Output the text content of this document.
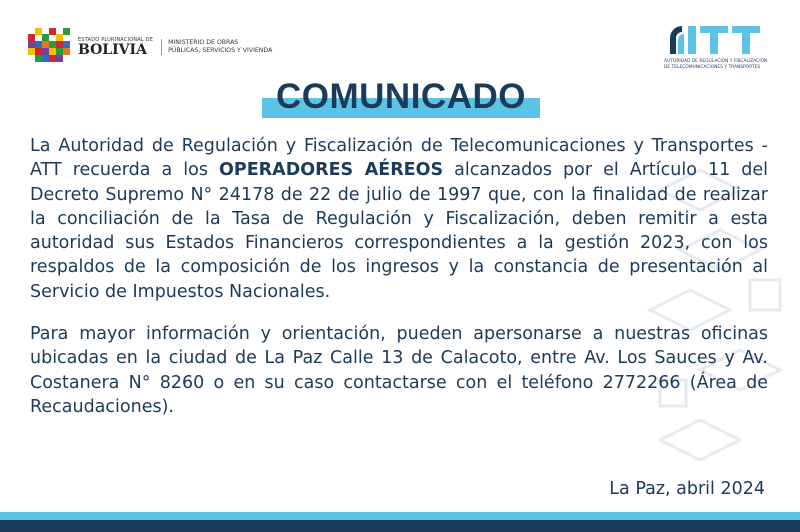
ESTADO PLURINACIONAL DE
BOLIVIA	MINISTERIO DE OBRAS
PÚBLICAS, SERVICIOS Y VIVIENDA
AUTORIDAD DE REGULACIÓN Y FISCALIZACIÓN
DE TELECOMUNICACIONES Y TRANSPORTES
COMUNICADO

La Autoridad de Regulación y Fiscalización de Telecomunicaciones y Transportes - ATT recuerda a los OPERADORES AÉREOS alcanzados por el Artículo 11 del Decreto Supremo N° 24178 de 22 de julio de 1997 que, con la finalidad de realizar la conciliación de la Tasa de Regulación y Fiscalización, deben remitir a esta autoridad sus Estados Financieros correspondientes a la gestión 2023, con los respaldos de la composición de los ingresos y la constancia de presentación al Servicio de Impuestos Nacionales.

Para mayor información y orientación, pueden apersonarse a nuestras oficinas ubicadas en la ciudad de La Paz Calle 13 de Calacoto, entre Av. Los Sauces y Av. Costanera N° 8260 o en su caso contactarse con el teléfono 2772266 (Área de Recaudaciones).

La Paz, abril 2024
